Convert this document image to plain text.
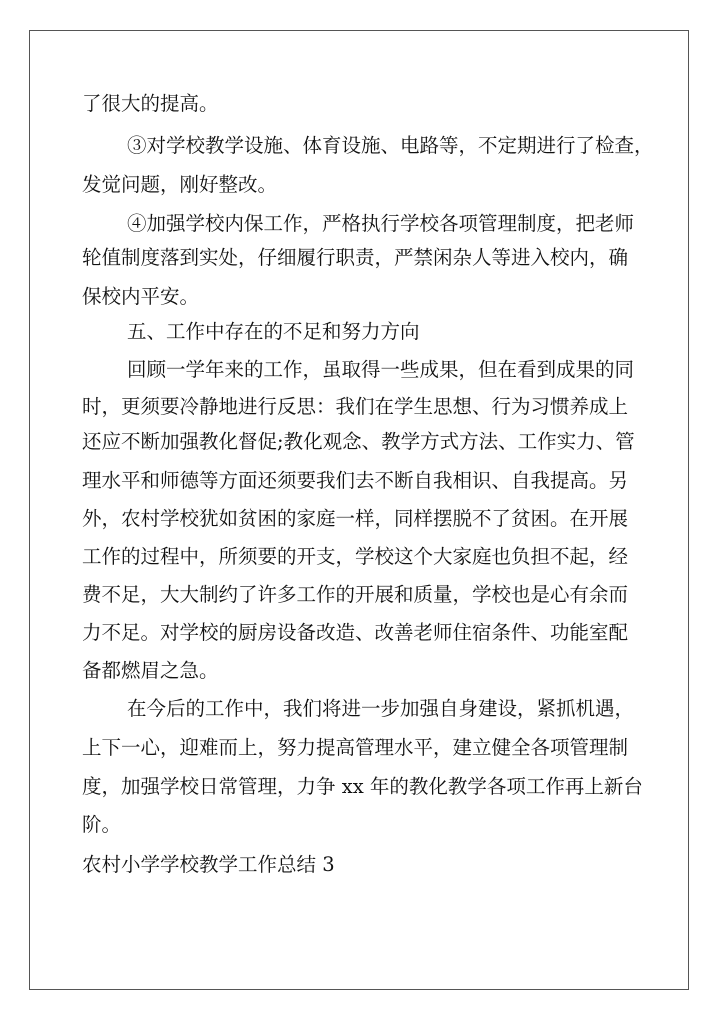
了很大的提高。

③对学校教学设施、体育设施、电路等，不定期进行了检查，

发觉问题，刚好整改。

④加强学校内保工作，严格执行学校各项管理制度，把老师

轮值制度落到实处，仔细履行职责，严禁闲杂人等进入校内，确

保校内平安。

五、工作中存在的不足和努力方向

回顾一学年来的工作，虽取得一些成果，但在看到成果的同

时，更须要冷静地进行反思：我们在学生思想、行为习惯养成上

还应不断加强教化督促;教化观念、教学方式方法、工作实力、管

理水平和师德等方面还须要我们去不断自我相识、自我提高。另

外，农村学校犹如贫困的家庭一样，同样摆脱不了贫困。在开展

工作的过程中，所须要的开支，学校这个大家庭也负担不起，经

费不足，大大制约了许多工作的开展和质量，学校也是心有余而

力不足。对学校的厨房设备改造、改善老师住宿条件、功能室配

备都燃眉之急。

在今后的工作中，我们将进一步加强自身建设，紧抓机遇，

上下一心，迎难而上，努力提高管理水平，建立健全各项管理制

度，加强学校日常管理，力争 xx 年的教化教学各项工作再上新台

阶。

农村小学学校教学工作总结 3
